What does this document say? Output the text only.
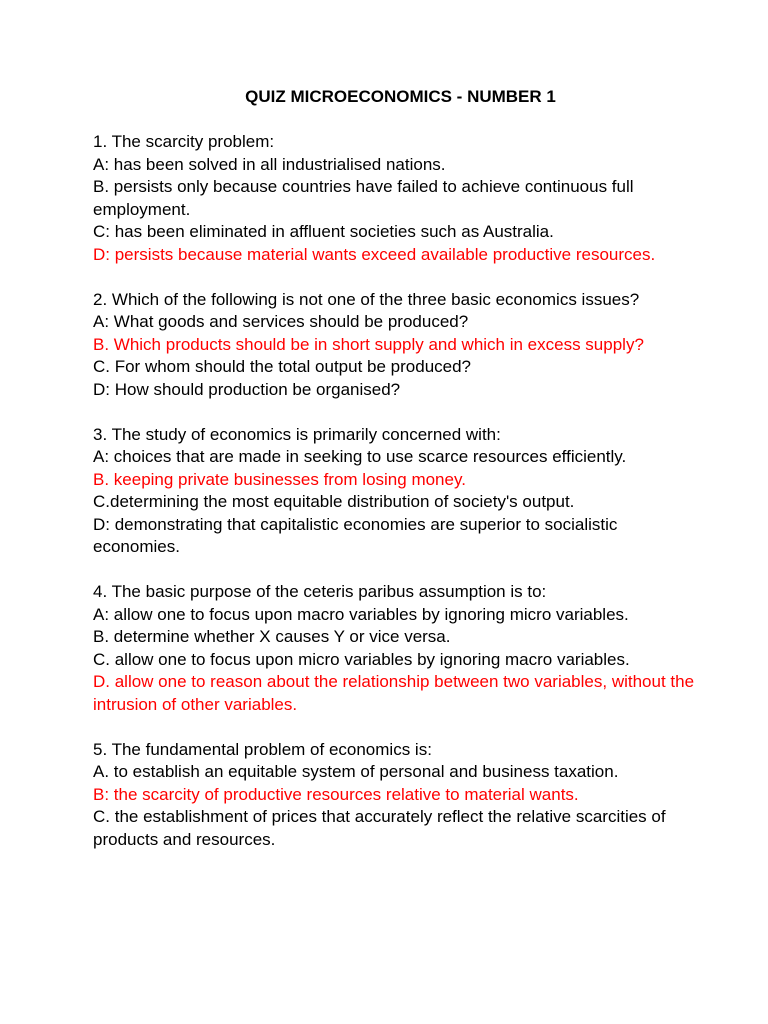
QUIZ MICROECONOMICS - NUMBER 1

1. The scarcity problem:

A: has been solved in all industrialised nations.

B. persists only because countries have failed to achieve continuous full employment.

C: has been eliminated in affluent societies such as Australia.

D: persists because material wants exceed available productive resources.

2. Which of the following is not one of the three basic economics issues?

A: What goods and services should be produced?

B. Which products should be in short supply and which in excess supply?

C. For whom should the total output be produced?

D: How should production be organised?

3. The study of economics is primarily concerned with:

A: choices that are made in seeking to use scarce resources efficiently.

B. keeping private businesses from losing money.

C.determining the most equitable distribution of society's output.

D: demonstrating that capitalistic economies are superior to socialistic economies.

4. The basic purpose of the ceteris paribus assumption is to:

A: allow one to focus upon macro variables by ignoring micro variables.

B. determine whether X causes Y or vice versa.

C. allow one to focus upon micro variables by ignoring macro variables.

D. allow one to reason about the relationship between two variables, without the intrusion of other variables.

5. The fundamental problem of economics is:

A. to establish an equitable system of personal and business taxation.

B: the scarcity of productive resources relative to material wants.

C. the establishment of prices that accurately reflect the relative scarcities of products and resources.
